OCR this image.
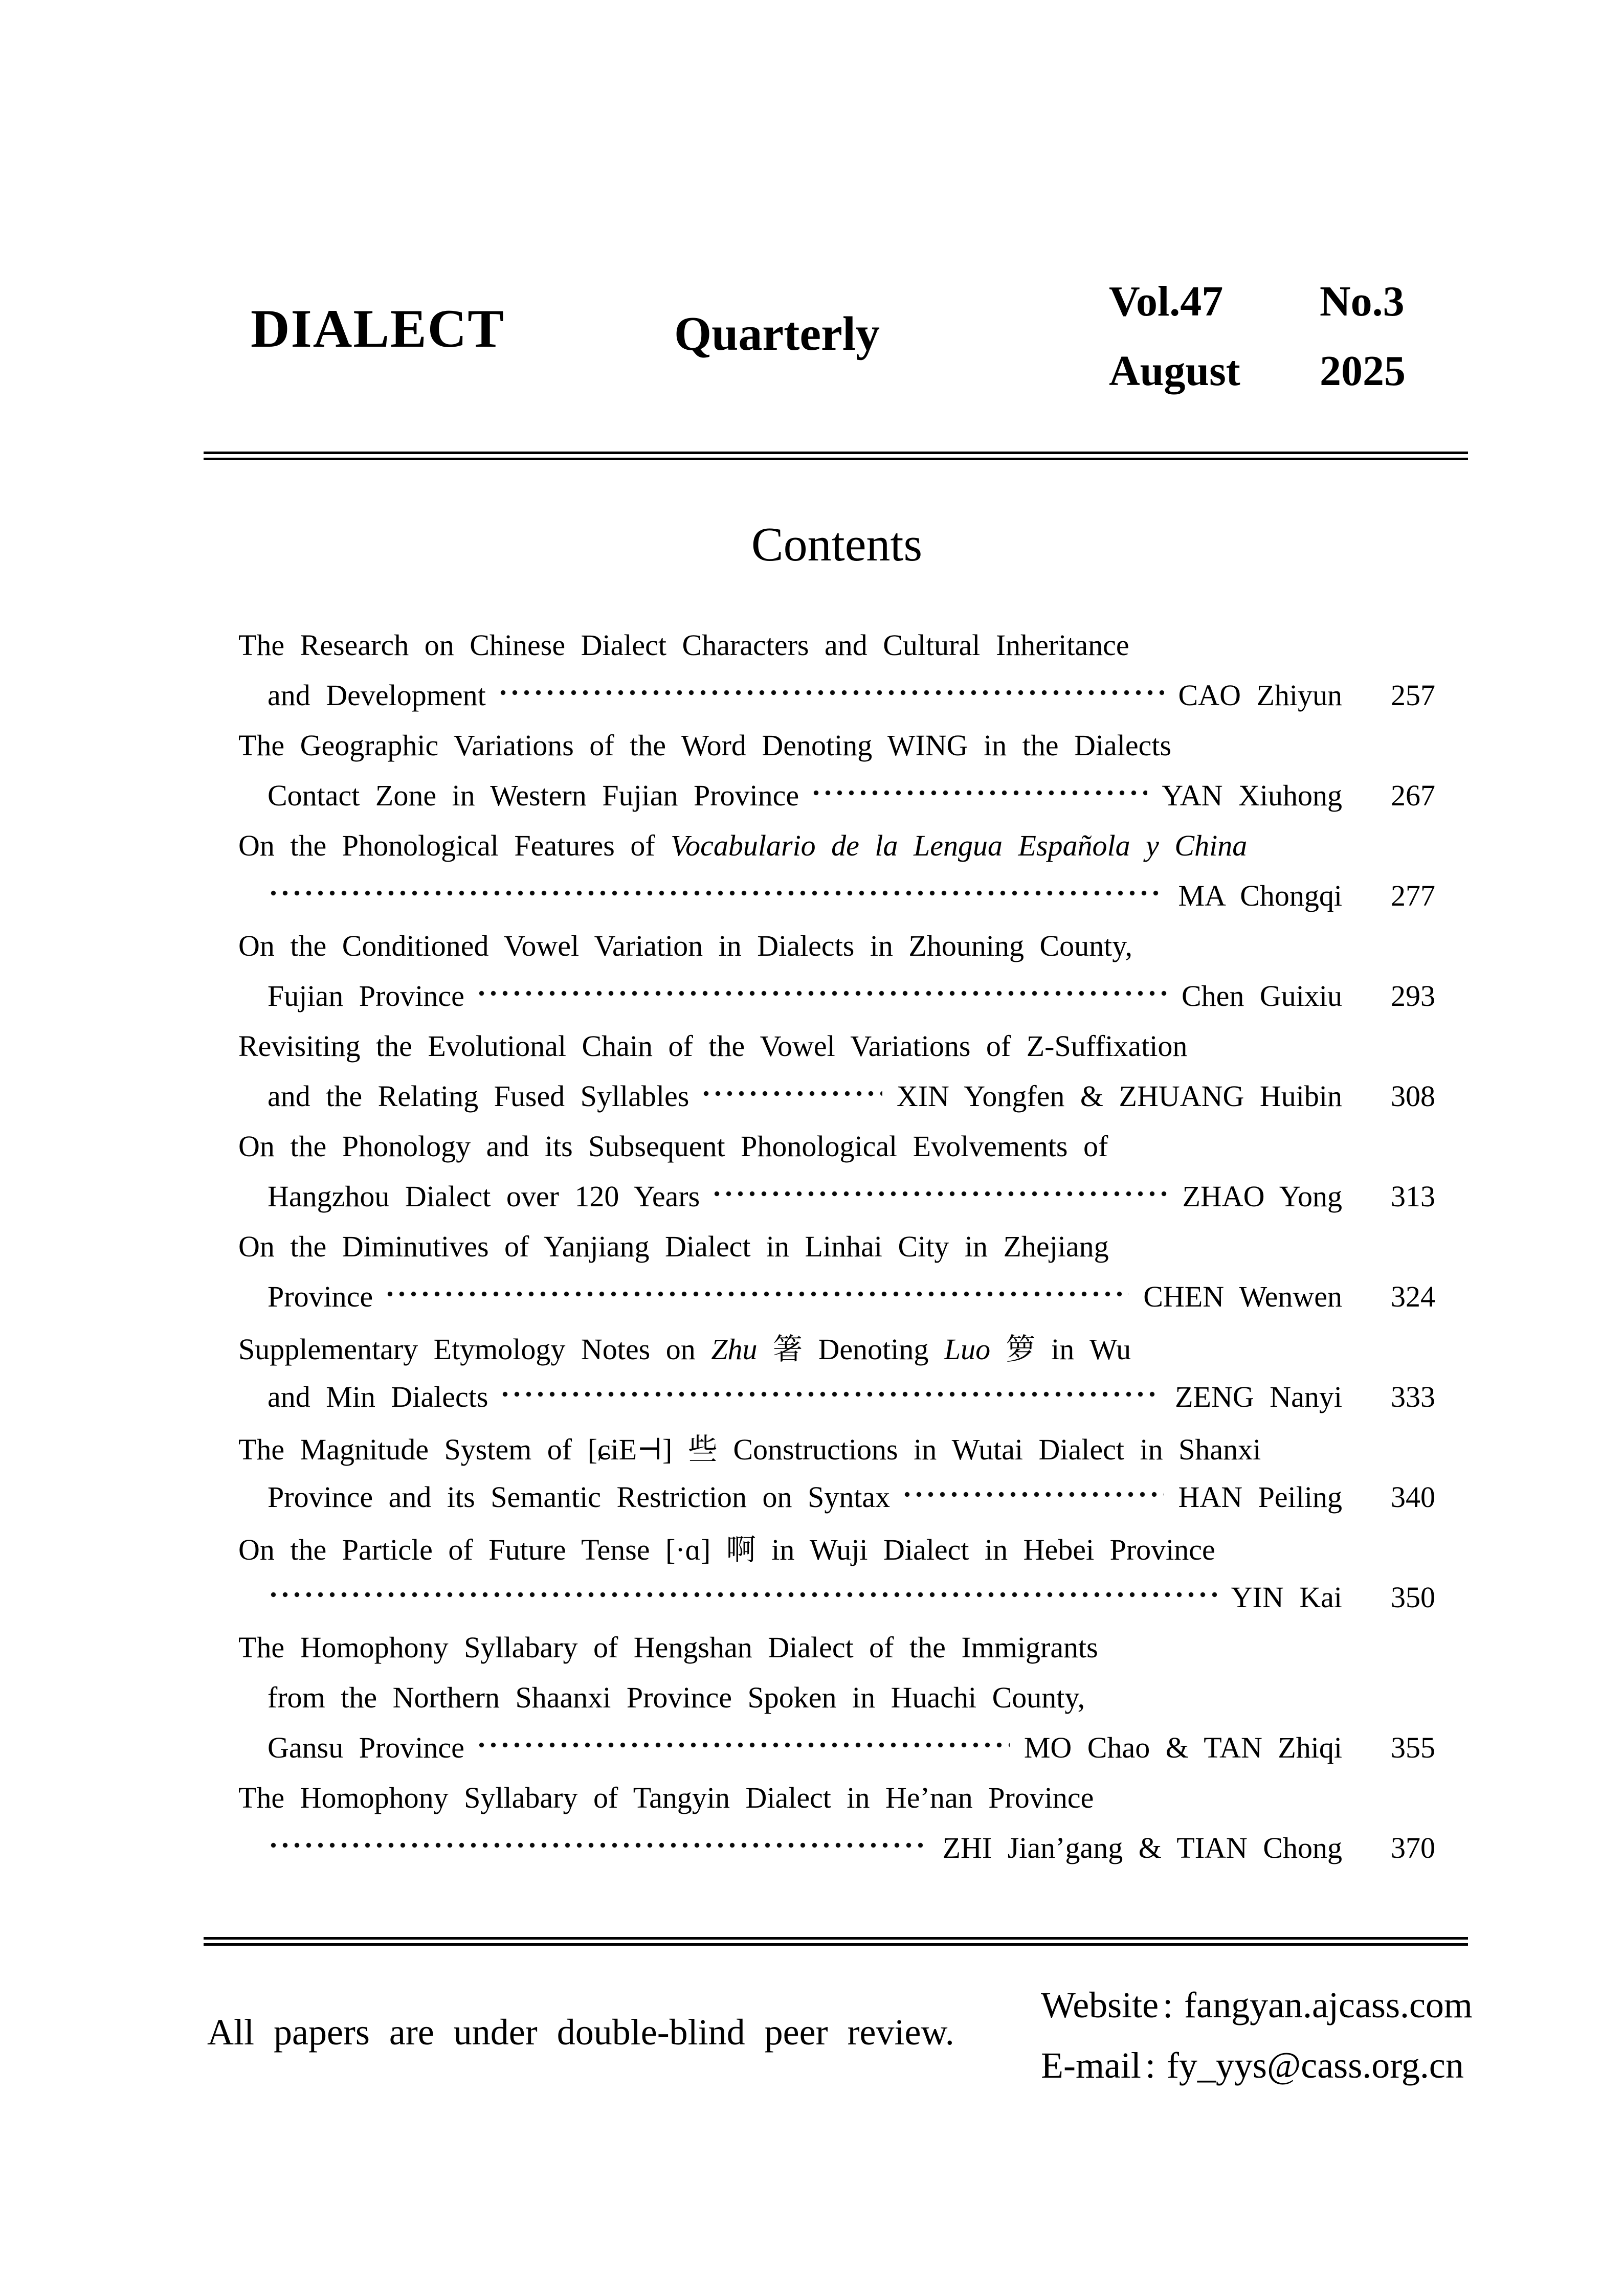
DIALECT	Quarterly
Vol.47	No.3
August	2025
Contents
The Research on Chinese Dialect Characters and Cultural Inheritance
and Development	CAO Zhiyun	257
The Geographic Variations of the Word Denoting WING in the Dialects
Contact Zone in Western Fujian Province	YAN Xiuhong	267
On the Phonological Features of Vocabulario de la Lengua Española y China
MA Chongqi	277
On the Conditioned Vowel Variation in Dialects in Zhouning County,
Fujian Province	Chen Guixiu	293
Revisiting the Evolutional Chain of the Vowel Variations of Z-Suffixation
and the Relating Fused Syllables	XIN Yongfen & ZHUANG Huibin	308
On the Phonology and its Subsequent Phonological Evolvements of
Hangzhou Dialect over 120 Years	ZHAO Yong	313
On the Diminutives of Yanjiang Dialect in Linhai City in Zhejiang
Province	CHEN Wenwen	324
Supplementary Etymology Notes on Zhu 箸 Denoting Luo 箩 in Wu
and Min Dialects	ZENG Nanyi	333
The Magnitude System of [ɕiE⊣] 些 Constructions in Wutai Dialect in Shanxi
Province and its Semantic Restriction on Syntax	HAN Peiling	340
On the Particle of Future Tense [·ɑ] 啊 in Wuji Dialect in Hebei Province
YIN Kai	350
The Homophony Syllabary of Hengshan Dialect of the Immigrants
from the Northern Shaanxi Province Spoken in Huachi County,
Gansu Province	MO Chao & TAN Zhiqi	355
The Homophony Syllabary of Tangyin Dialect in He’nan Province
ZHI Jian’gang & TIAN Chong	370
All papers are under double-blind peer review.
Website : fangyan.ajcass.com
E-mail : fy_yys@cass.org.cn
